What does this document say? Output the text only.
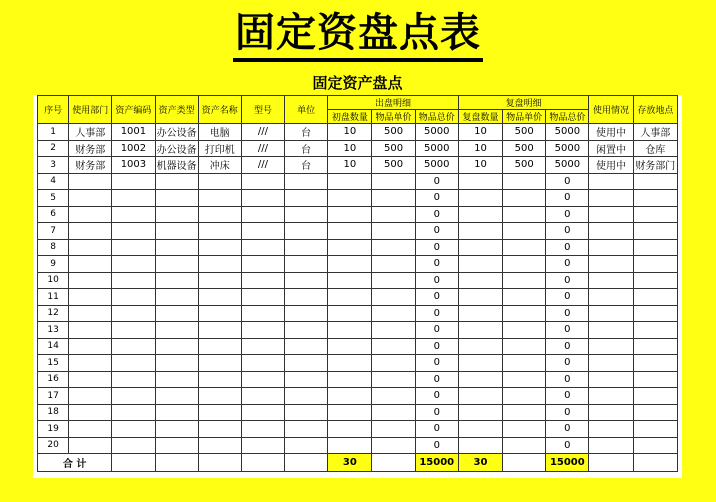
固定资盘点表
固定资产盘点
序号	使用部门	资产编码	资产类型	资产名称	型号	单位	出盘明细			复盘明细			使用情况	存放地点
							初盘数量	物品单价	物品总价	复盘数量	物品单价	物品总价		
1	人事部	1001	办公设备	电脑	///	台	10	500	5000	10	500	5000	使用中	人事部
2	财务部	1002	办公设备	打印机	///	台	10	500	5000	10	500	5000	闲置中	仓库
3	财务部	1003	机器设备	冲床	///	台	10	500	5000	10	500	5000	使用中	财务部门
4									0			0		
5									0			0		
6									0			0		
7									0			0		
8									0			0		
9									0			0		
10									0			0		
11									0			0		
12									0			0		
13									0			0		
14									0			0		
15									0			0		
16									0			0		
17									0			0		
18									0			0		
19									0			0		
20									0			0		
合 计							30		15000	30		15000		
